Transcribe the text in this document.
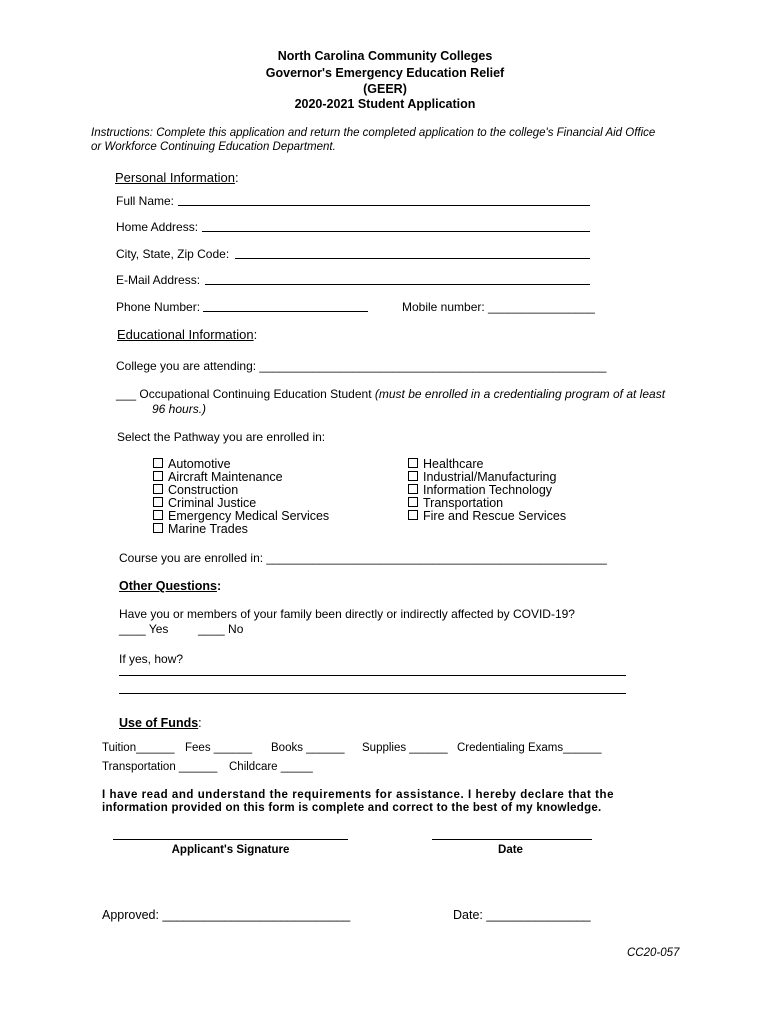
North Carolina Community Colleges
Governor's Emergency Education Relief
(GEER)
2020-2021 Student Application
Instructions: Complete this application and return the completed application to the college's Financial Aid Office
or Workforce Continuing Education Department.
Personal Information:
Full Name:
Home Address:
City, State, Zip Code:
E-Mail Address:
Phone Number:	Mobile number: ________________
Educational Information:
College you are attending: ____________________________________________________
___ Occupational Continuing Education Student (must be enrolled in a credentialing program of at least
96 hours.)
Select the Pathway you are enrolled in:
Automotive
Aircraft Maintenance
Construction
Criminal Justice
Emergency Medical Services
Marine Trades
Healthcare
Industrial/Manufacturing
Information Technology
Transportation
Fire and Rescue Services
Course you are enrolled in: ___________________________________________________
Other Questions:
Have you or members of your family been directly or indirectly affected by COVID-19?
____ Yes ____ No
If yes, how?
Use of Funds:
Tuition______ Fees ______ Books ______ Supplies ______ Credentialing Exams______
Transportation ______ Childcare _____
I have read and understand the requirements for assistance. I hereby declare that the
information provided on this form is complete and correct to the best of my knowledge.
Applicant's Signature	Date
Approved: ___________________________	Date: _______________
CC20-057
